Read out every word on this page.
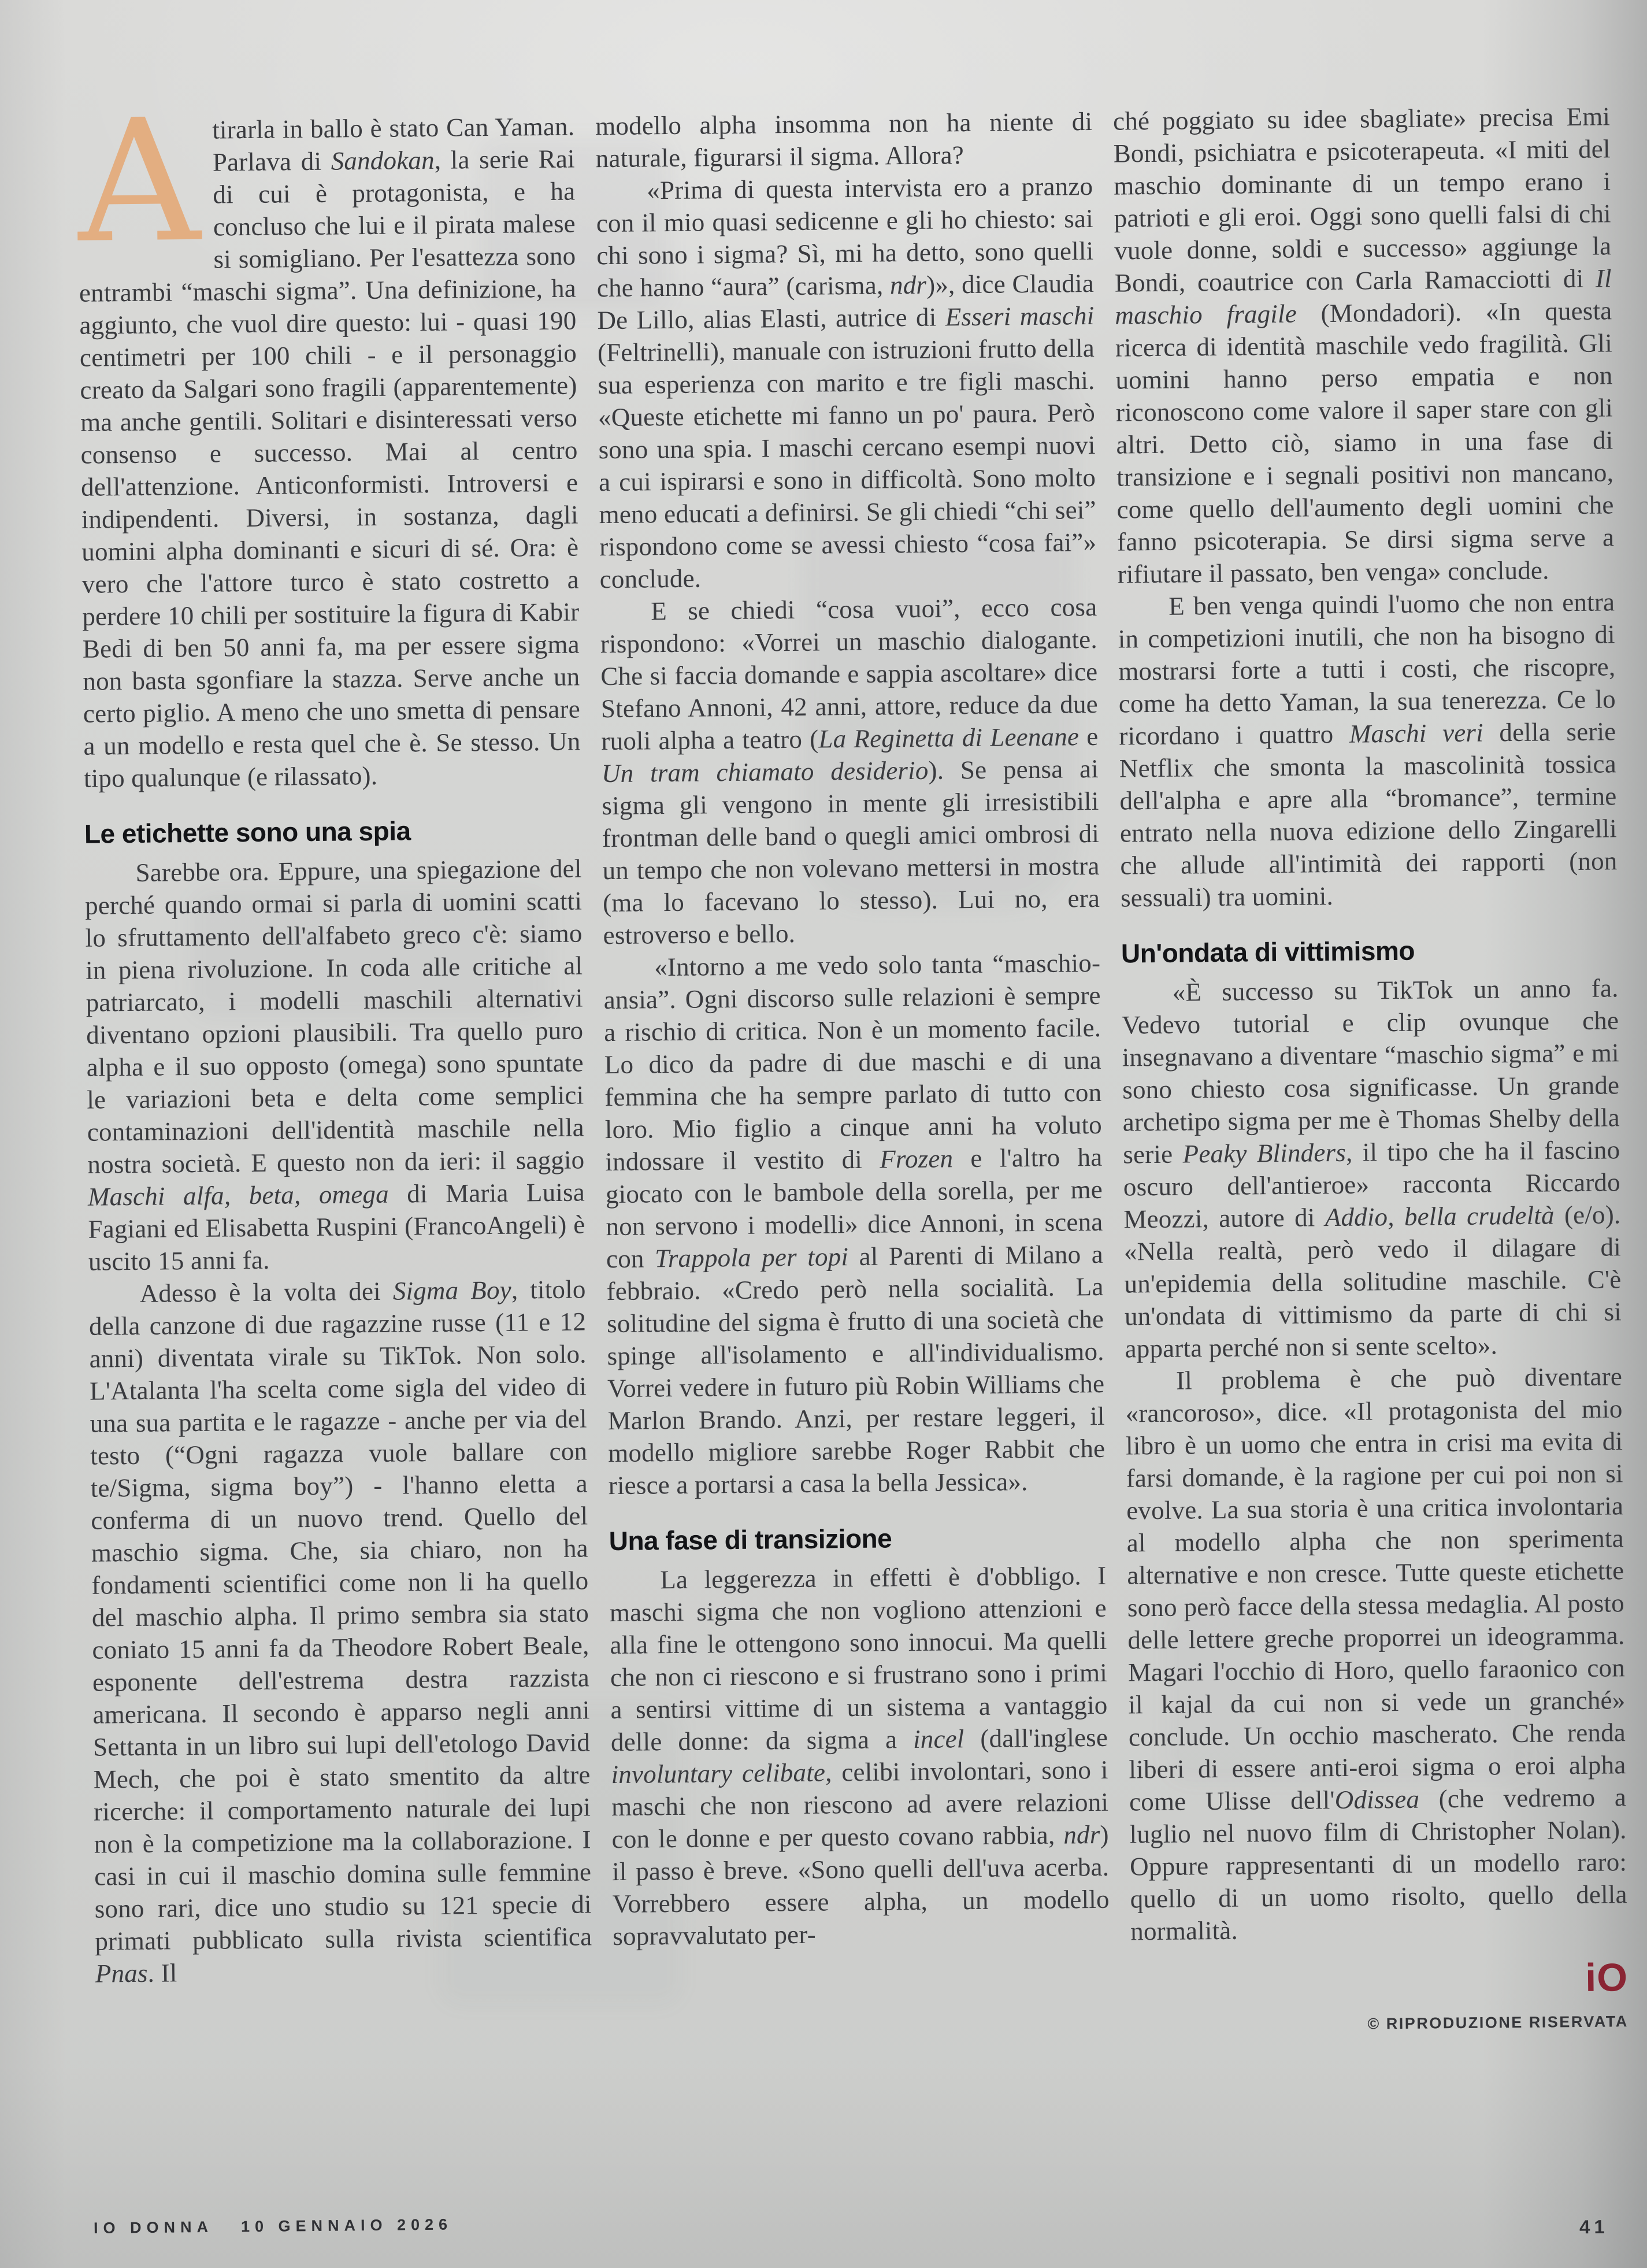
Atirarla in ballo è stato Can Yaman. Parlava di Sandokan, la serie Rai di cui è protagonista, e ha concluso che lui e il pirata malese si somigliano. Per l'esattezza sono entrambi “maschi sigma”. Una definizione, ha aggiunto, che vuol dire questo: lui - quasi 190 centimetri per 100 chili - e il personaggio creato da Salgari sono fragili (apparentemente) ma anche gentili. Solitari e disinteressati verso consenso e successo. Mai al centro dell'attenzione. Anticonformisti. Introversi e indipendenti. Diversi, in sostanza, dagli uomini alpha dominanti e sicuri di sé. Ora: è vero che l'attore turco è stato costretto a perdere 10 chili per sostituire la figura di Kabir Bedi di ben 50 anni fa, ma per essere sigma non basta sgonfiare la stazza. Serve anche un certo piglio. A meno che uno smetta di pensare a un modello e resta quel che è. Se stesso. Un tipo qualunque (e rilassato).

Le etichette sono una spia

Sarebbe ora. Eppure, una spiegazione del perché quando ormai si parla di uomini scatti lo sfruttamento dell'alfabeto greco c'è: siamo in piena rivoluzione. In coda alle critiche al patriarcato, i modelli maschili alternativi diventano opzioni plausibili. Tra quello puro alpha e il suo opposto (omega) sono spuntate le variazioni beta e delta come semplici contaminazioni dell'identità maschile nella nostra società. E questo non da ieri: il saggio Maschi alfa, beta, omega di Maria Luisa Fagiani ed Elisabetta Ruspini (FrancoAngeli) è uscito 15 anni fa.

Adesso è la volta dei Sigma Boy, titolo della canzone di due ragazzine russe (11 e 12 anni) diventata virale su TikTok. Non solo. L'Atalanta l'ha scelta come sigla del video di una sua partita e le ragazze - anche per via del testo (“Ogni ragazza vuole ballare con te/Sigma, sigma boy”) - l'hanno eletta a conferma di un nuovo trend. Quello del maschio sigma. Che, sia chiaro, non ha fondamenti scientifici come non li ha quello del maschio alpha. Il primo sembra sia stato coniato 15 anni fa da Theodore Robert Beale, esponente dell'estrema destra razzista americana. Il secondo è apparso negli anni Settanta in un libro sui lupi dell'etologo David Mech, che poi è stato smentito da altre ricerche: il comportamento naturale dei lupi non è la competizione ma la collaborazione. I casi in cui il maschio domina sulle femmine sono rari, dice uno studio su 121 specie di primati pubblicato sulla rivista scientifica Pnas. Il

modello alpha insomma non ha niente di naturale, figurarsi il sigma. Allora?

«Prima di questa intervista ero a pranzo con il mio quasi sedicenne e gli ho chiesto: sai chi sono i sigma? Sì, mi ha detto, sono quelli che hanno “aura” (carisma, ndr)», dice Claudia De Lillo, alias Elasti, autrice di Esseri maschi (Feltrinelli), manuale con istruzioni frutto della sua esperienza con marito e tre figli maschi. «Queste etichette mi fanno un po' paura. Però sono una spia. I maschi cercano esempi nuovi a cui ispirarsi e sono in difficoltà. Sono molto meno educati a definirsi. Se gli chiedi “chi sei” rispondono come se avessi chiesto “cosa fai”» conclude.

E se chiedi “cosa vuoi”, ecco cosa rispondono: «Vorrei un maschio dialogante. Che si faccia domande e sappia ascoltare» dice Stefano Annoni, 42 anni, attore, reduce da due ruoli alpha a teatro (La Reginetta di Leenane e Un tram chiamato desiderio). Se pensa ai sigma gli vengono in mente gli irresistibili frontman delle band o quegli amici ombrosi di un tempo che non volevano mettersi in mostra (ma lo facevano lo stesso). Lui no, era estroverso e bello.

«Intorno a me vedo solo tanta “maschio-ansia”. Ogni discorso sulle relazioni è sempre a rischio di critica. Non è un momento facile. Lo dico da padre di due maschi e di una femmina che ha sempre parlato di tutto con loro. Mio figlio a cinque anni ha voluto indossare il vestito di Frozen e l'altro ha giocato con le bambole della sorella, per me non servono i modelli» dice Annoni, in scena con Trappola per topi al Parenti di Milano a febbraio. «Credo però nella socialità. La solitudine del sigma è frutto di una società che spinge all'isolamento e all'individualismo. Vorrei vedere in futuro più Robin Williams che Marlon Brando. Anzi, per restare leggeri, il modello migliore sarebbe Roger Rabbit che riesce a portarsi a casa la bella Jessica».

Una fase di transizione

La leggerezza in effetti è d'obbligo. I maschi sigma che non vogliono attenzioni e alla fine le ottengono sono innocui. Ma quelli che non ci riescono e si frustrano sono i primi a sentirsi vittime di un sistema a vantaggio delle donne: da sigma a incel (dall'inglese involuntary celibate, celibi involontari, sono i maschi che non riescono ad avere relazioni con le donne e per questo covano rabbia, ndr) il passo è breve. «Sono quelli dell'uva acerba. Vorrebbero essere alpha, un modello sopravvalutato per-

ché poggiato su idee sbagliate» precisa Emi Bondi, psichiatra e psicoterapeuta. «I miti del maschio dominante di un tempo erano i patrioti e gli eroi. Oggi sono quelli falsi di chi vuole donne, soldi e successo» aggiunge la Bondi, coautrice con Carla Ramacciotti di Il maschio fragile (Mondadori). «In questa ricerca di identità maschile vedo fragilità. Gli uomini hanno perso empatia e non riconoscono come valore il saper stare con gli altri. Detto ciò, siamo in una fase di transizione e i segnali positivi non mancano, come quello dell'aumento degli uomini che fanno psicoterapia. Se dirsi sigma serve a rifiutare il passato, ben venga» conclude.

E ben venga quindi l'uomo che non entra in competizioni inutili, che non ha bisogno di mostrarsi forte a tutti i costi, che riscopre, come ha detto Yaman, la sua tenerezza. Ce lo ricordano i quattro Maschi veri della serie Netflix che smonta la mascolinità tossica dell'alpha e apre alla “bromance”, termine entrato nella nuova edizione dello Zingarelli che allude all'intimità dei rapporti (non sessuali) tra uomini.

Un'ondata di vittimismo

«È successo su TikTok un anno fa. Vedevo tutorial e clip ovunque che insegnavano a diventare “maschio sigma” e mi sono chiesto cosa significasse. Un grande archetipo sigma per me è Thomas Shelby della serie Peaky Blinders, il tipo che ha il fascino oscuro dell'antieroe» racconta Riccardo Meozzi, autore di Addio, bella crudeltà (e/o). «Nella realtà, però vedo il dilagare di un'epidemia della solitudine maschile. C'è un'ondata di vittimismo da parte di chi si apparta perché non si sente scelto».

Il problema è che può diventare «rancoroso», dice. «Il protagonista del mio libro è un uomo che entra in crisi ma evita di farsi domande, è la ragione per cui poi non si evolve. La sua storia è una critica involontaria al modello alpha che non sperimenta alternative e non cresce. Tutte queste etichette sono però facce della stessa medaglia. Al posto delle lettere greche proporrei un ideogramma. Magari l'occhio di Horo, quello faraonico con il kajal da cui non si vede un granché» conclude. Un occhio mascherato. Che renda liberi di essere anti-eroi sigma o eroi alpha come Ulisse dell'Odissea (che vedremo a luglio nel nuovo film di Christopher Nolan). Oppure rappresentanti di un modello raro: quello di un uomo risolto, quello della normalità.

iO
© RIPRODUZIONE RISERVATA
IO DONNA 10 GENNAIO 2026	41
